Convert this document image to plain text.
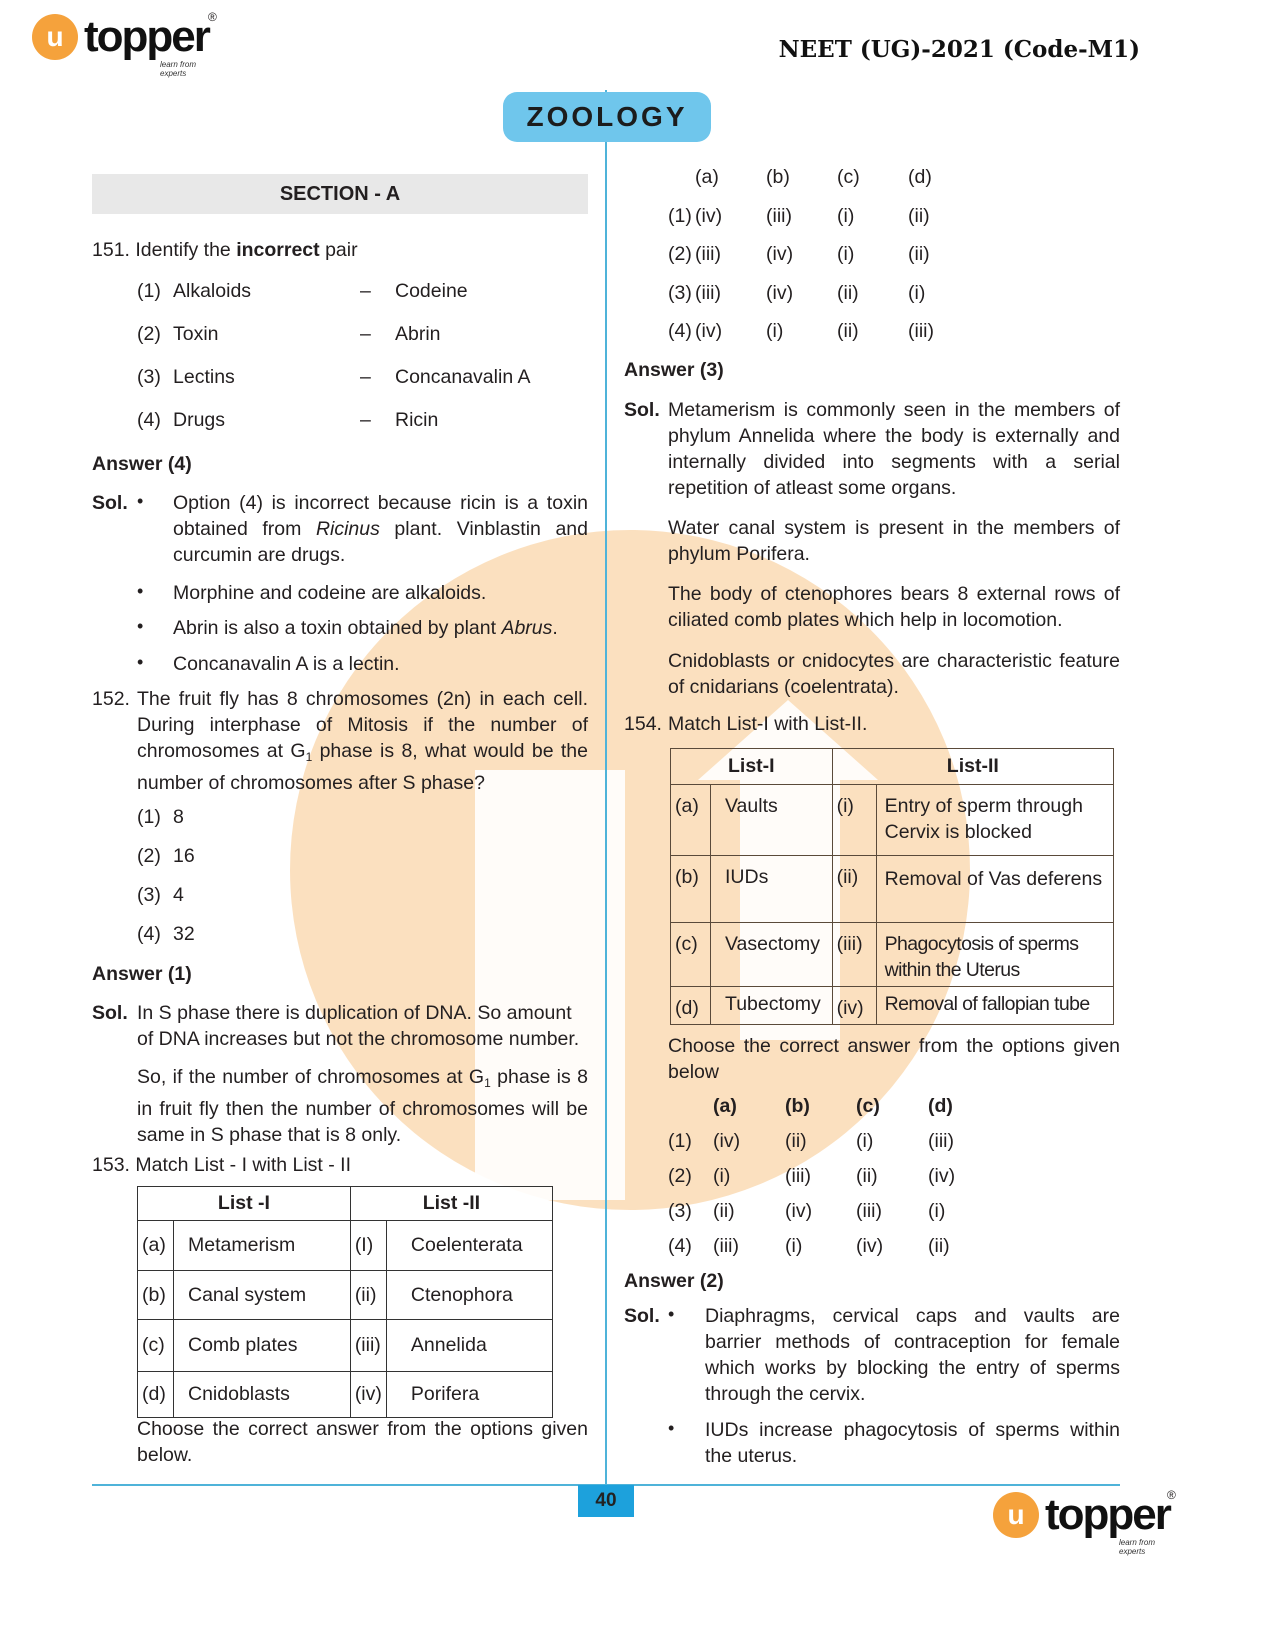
u topper ®
learn from experts
NEET (UG)-2021 (Code-M1)
ZOOLOGY
SECTION - A
151. Identify the incorrect pair
(1) Alkaloids	– Codeine
(2) Toxin	– Abrin
(3) Lectins	– Concanavalin A
(4) Drugs	– Ricin
Answer (4)
Sol. • Option (4) is incorrect because ricin is a toxin obtained from Ricinus plant. Vinblastin and curcumin are drugs.
• Morphine and codeine are alkaloids.
• Abrin is also a toxin obtained by plant Abrus.
• Concanavalin A is a lectin.
152. The fruit fly has 8 chromosomes (2n) in each cell. During interphase of Mitosis if the number of chromosomes at $G_1$ phase is 8, what would be the number of chromosomes after S phase?
(1) 8
(2) 16
(3) 4
(4) 32
Answer (1)
Sol. In S phase there is duplication of DNA. So amount of DNA increases but not the chromosome number.
So, if the number of chromosomes at $G_1$ phase is 8 in fruit fly then the number of chromosomes will be same in S phase that is 8 only.
153. Match List - I with List - II
List -I		List -II	
(a)	Metamerism	(I)	Coelenterata
(b)	Canal system	(ii)	Ctenophora
(c)	Comb plates	(iii)	Annelida
(d)	Cnidoblasts	(iv)	Porifera
Choose the correct answer from the options given below.
(a) (b) (c) (d)
(1) (iv) (iii) (i)	(ii)
(2) (iii) (iv) (i)	(ii)
(3) (iii) (iv) (ii)	(i)
(4) (iv) (i)	(ii)	(iii)
Answer (3)
Sol. Metamerism is commonly seen in the members of phylum Annelida where the body is externally and internally divided into segments with a serial repetition of atleast some organs.
Water canal system is present in the members of phylum Porifera.
The body of ctenophores bears 8 external rows of ciliated comb plates which help in locomotion.
Cnidoblasts or cnidocytes are characteristic feature of cnidarians (coelentrata).
154. Match List-I with List-II.
List-I		List-II	
(a)	Vaults	(i)	Entry of sperm through Cervix is blocked
(b)	IUDs	(ii)	Removal of Vas deferens
(c)	Vasectomy	(iii)	Phagocytosis of sperms within the Uterus
(d)	Tubectomy	(iv)	Removal of fallopian tube
Choose the correct answer from the options given below
(a) (b) (c) (d)
(1) (iv) (ii)	(i)	(iii)
(2) (i)	(iii) (ii)	(iv)
(3) (ii)	(iv) (iii) (i)
(4) (iii) (i)	(iv) (ii)
Answer (2)
Sol. • Diaphragms, cervical caps and vaults are barrier methods of contraception for female which works by blocking the entry of sperms through the cervix.
• IUDs increase phagocytosis of sperms within the uterus.
40	u topper
®
learn from experts
